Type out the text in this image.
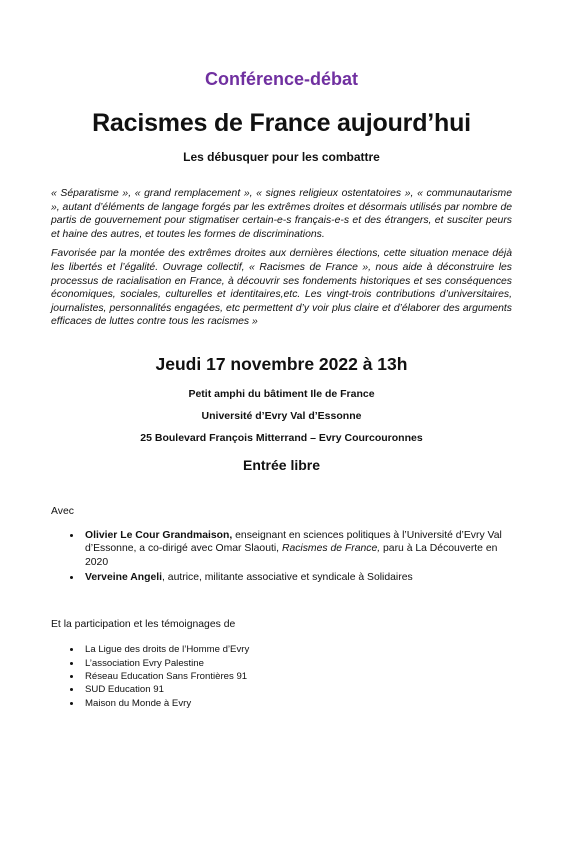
Conférence-débat
Racismes de France aujourd’hui
Les débusquer pour les combattre

« Séparatisme », « grand remplacement », « signes religieux ostentatoires », « communautarisme », autant d’éléments de langage forgés par les extrêmes droites et désormais utilisés par nombre de partis de gouvernement pour stigmatiser certain-e-s français-e-s et des étrangers, et susciter peurs et haine des autres, et toutes les formes de discriminations.

Favorisée par la montée des extrêmes droites aux dernières élections, cette situation menace déjà les libertés et l’égalité. Ouvrage collectif, « Racismes de France », nous aide à déconstruire les processus de racialisation en France, à découvrir ses fondements historiques et ses conséquences économiques, sociales, culturelles et identitaires,etc. Les vingt-trois contributions d’universitaires, journalistes, personnalités engagées, etc permettent d’y voir plus claire et d’élaborer des arguments efficaces de luttes contre tous les racismes »

Jeudi 17 novembre 2022 à 13h

Petit amphi du bâtiment Ile de France

Université d’Evry Val d’Essonne

25 Boulevard François Mitterrand – Evry Courcouronnes

Entrée libre
Avec
• Olivier Le Cour Grandmaison, enseignant en sciences politiques à l’Université d’Evry Val d’Essonne, a co-dirigé avec Omar Slaouti, Racismes de France, paru à La Découverte en 2020
• Verveine Angeli, autrice, militante associative et syndicale à Solidaires
Et la participation et les témoignages de
• La Ligue des droits de l’Homme d’Evry
• L’association Evry Palestine
• Réseau Education Sans Frontières 91
• SUD Education 91
• Maison du Monde à Evry
